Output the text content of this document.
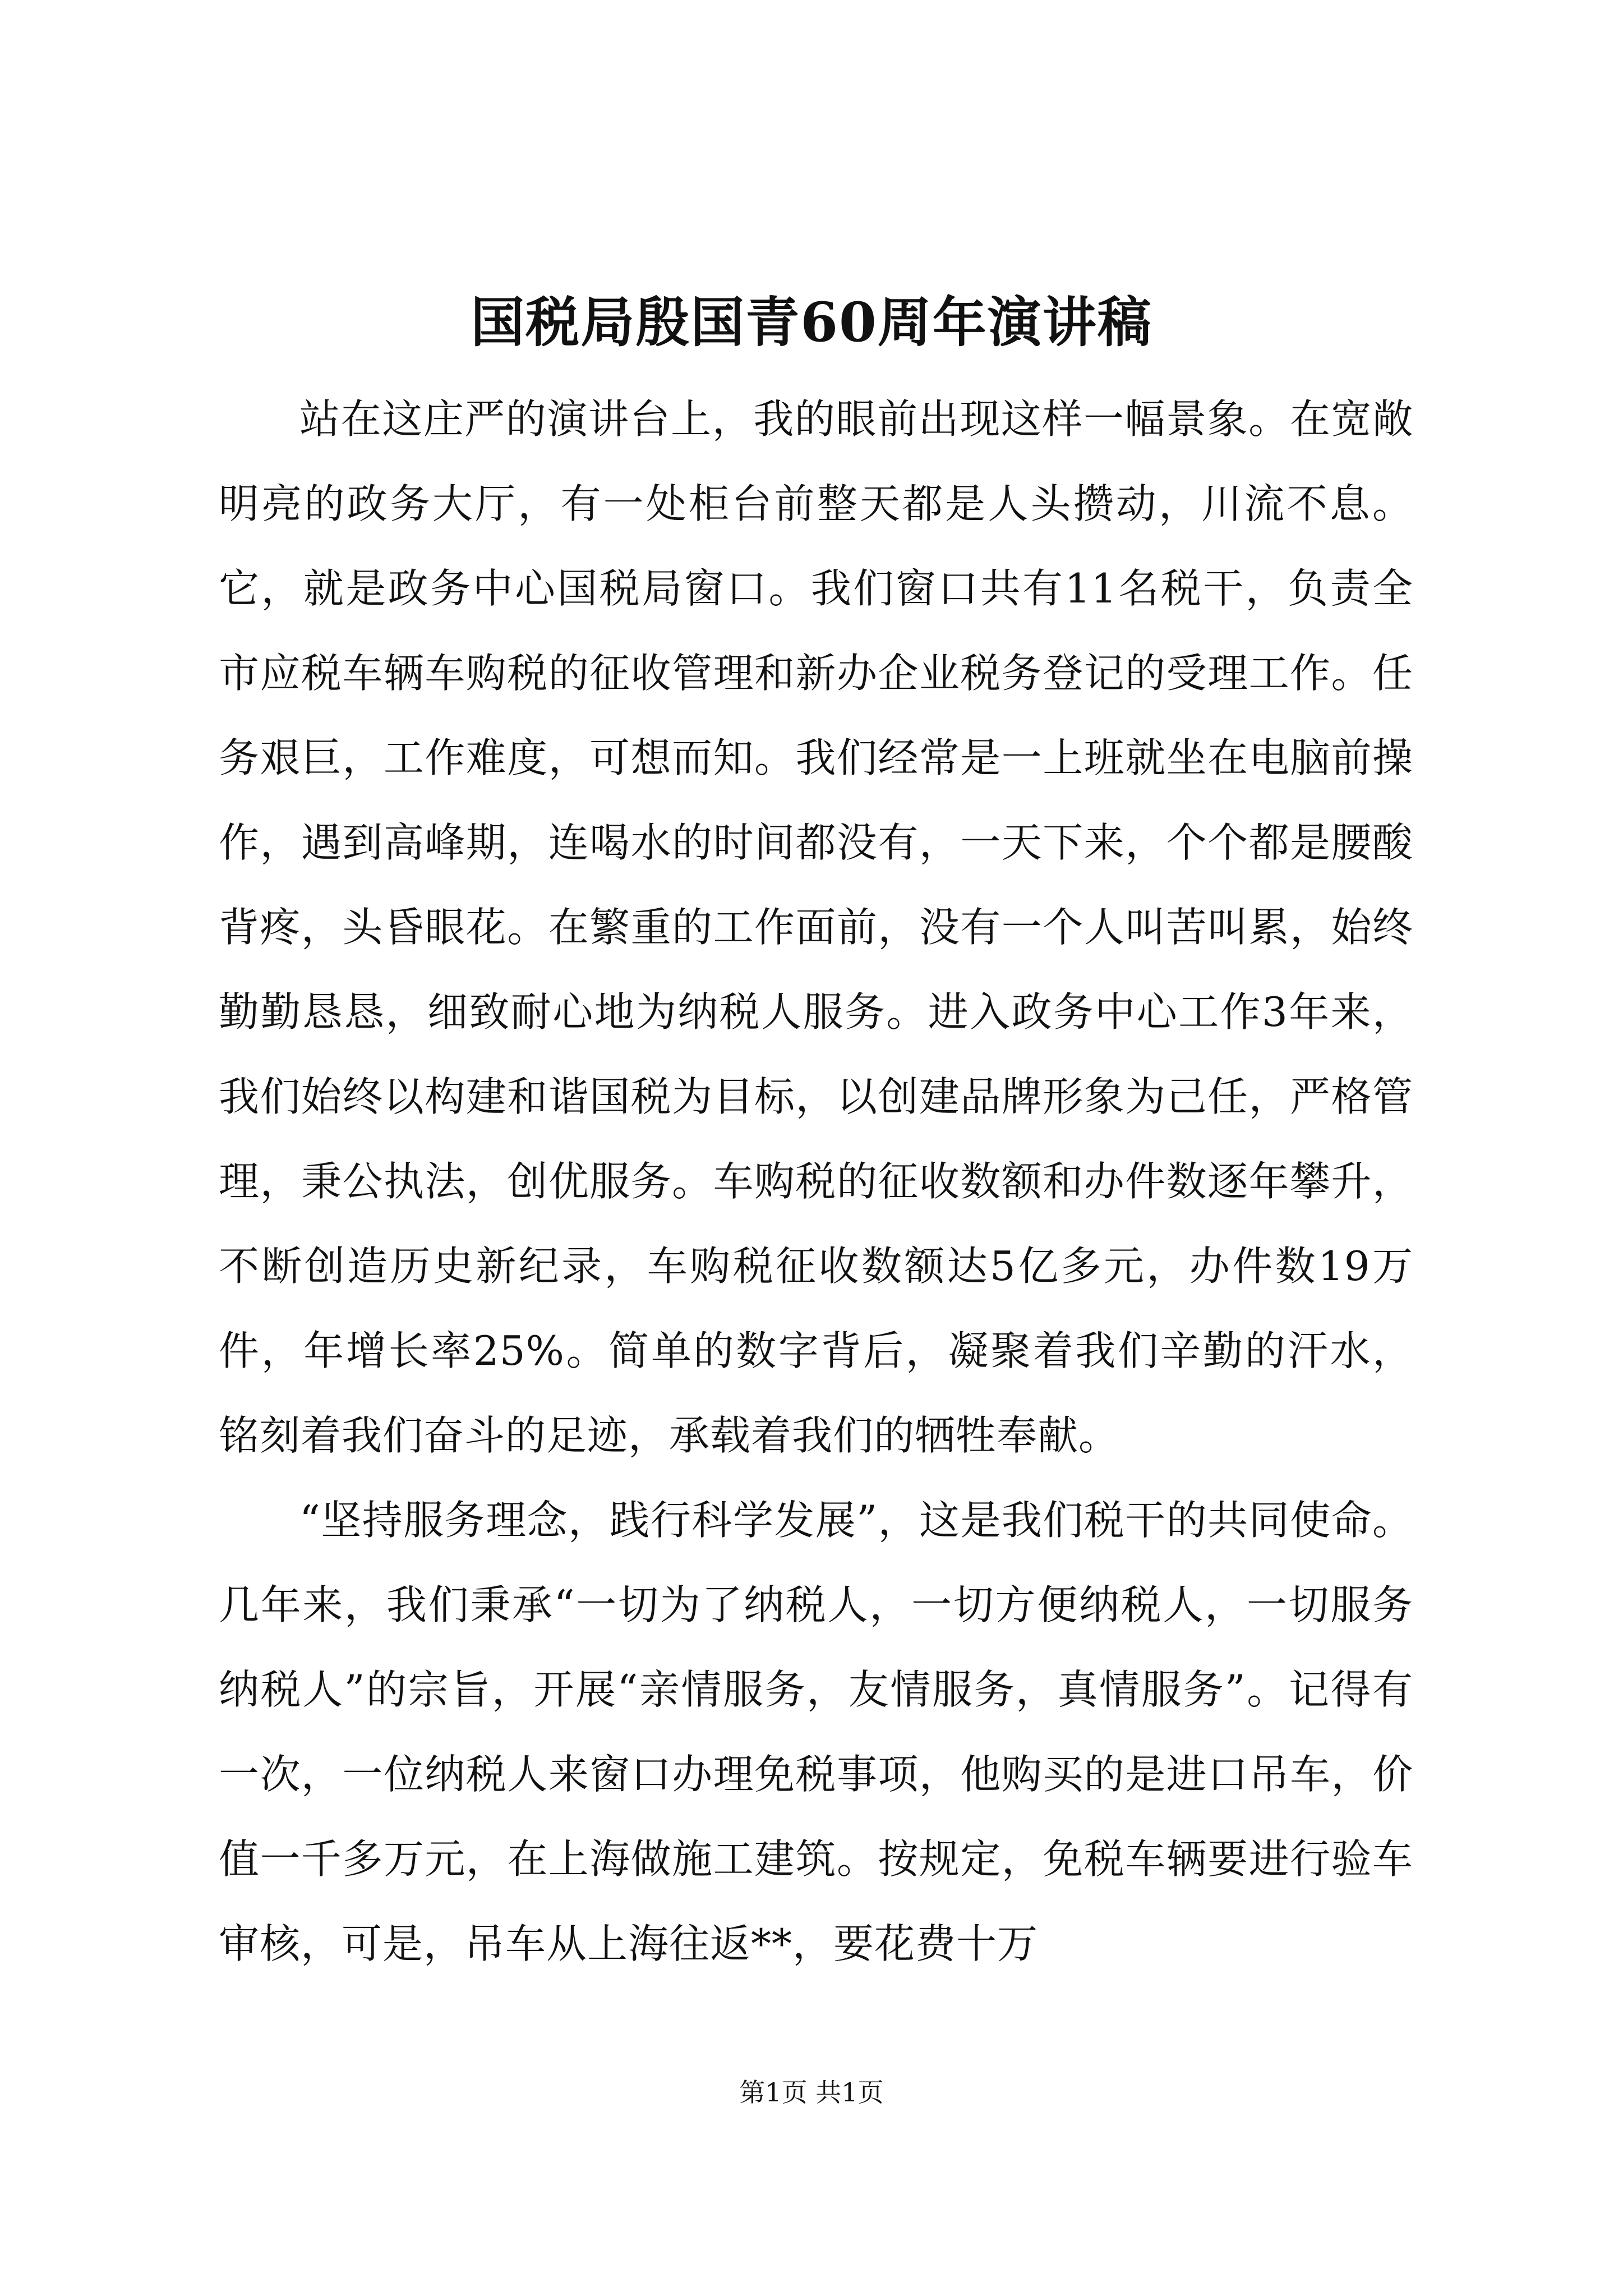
国税局殷国青60周年演讲稿

站在这庄严的演讲台上，我的眼前出现这样一幅景象。在宽敞明亮的政务大厅，有一处柜台前整天都是人头攒动，川流不息。它，就是政务中心国税局窗口。我们窗口共有11名税干，负责全市应税车辆车购税的征收管理和新办企业税务登记的受理工作。任务艰巨，工作难度，可想而知。我们经常是一上班就坐在电脑前操作，遇到高峰期，连喝水的时间都没有，一天下来，个个都是腰酸背疼，头昏眼花。在繁重的工作面前，没有一个人叫苦叫累，始终勤勤恳恳，细致耐心地为纳税人服务。进入政务中心工作3年来，我们始终以构建和谐国税为目标，以创建品牌形象为己任，严格管理，秉公执法，创优服务。车购税的征收数额和办件数逐年攀升，不断创造历史新纪录，车购税征收数额达5亿多元，办件数19万件，年增长率25%。简单的数字背后，凝聚着我们辛勤的汗水，铭刻着我们奋斗的足迹，承载着我们的牺牲奉献。

“坚持服务理念，践行科学发展”，这是我们税干的共同使命。几年来，我们秉承“一切为了纳税人，一切方便纳税人，一切服务纳税人”的宗旨，开展“亲情服务，友情服务，真情服务”。记得有一次，一位纳税人来窗口办理免税事项，他购买的是进口吊车，价值一千多万元，在上海做施工建筑。按规定，免税车辆要进行验车审核，可是，吊车从上海往返**，要花费十万

第1页 共1页
